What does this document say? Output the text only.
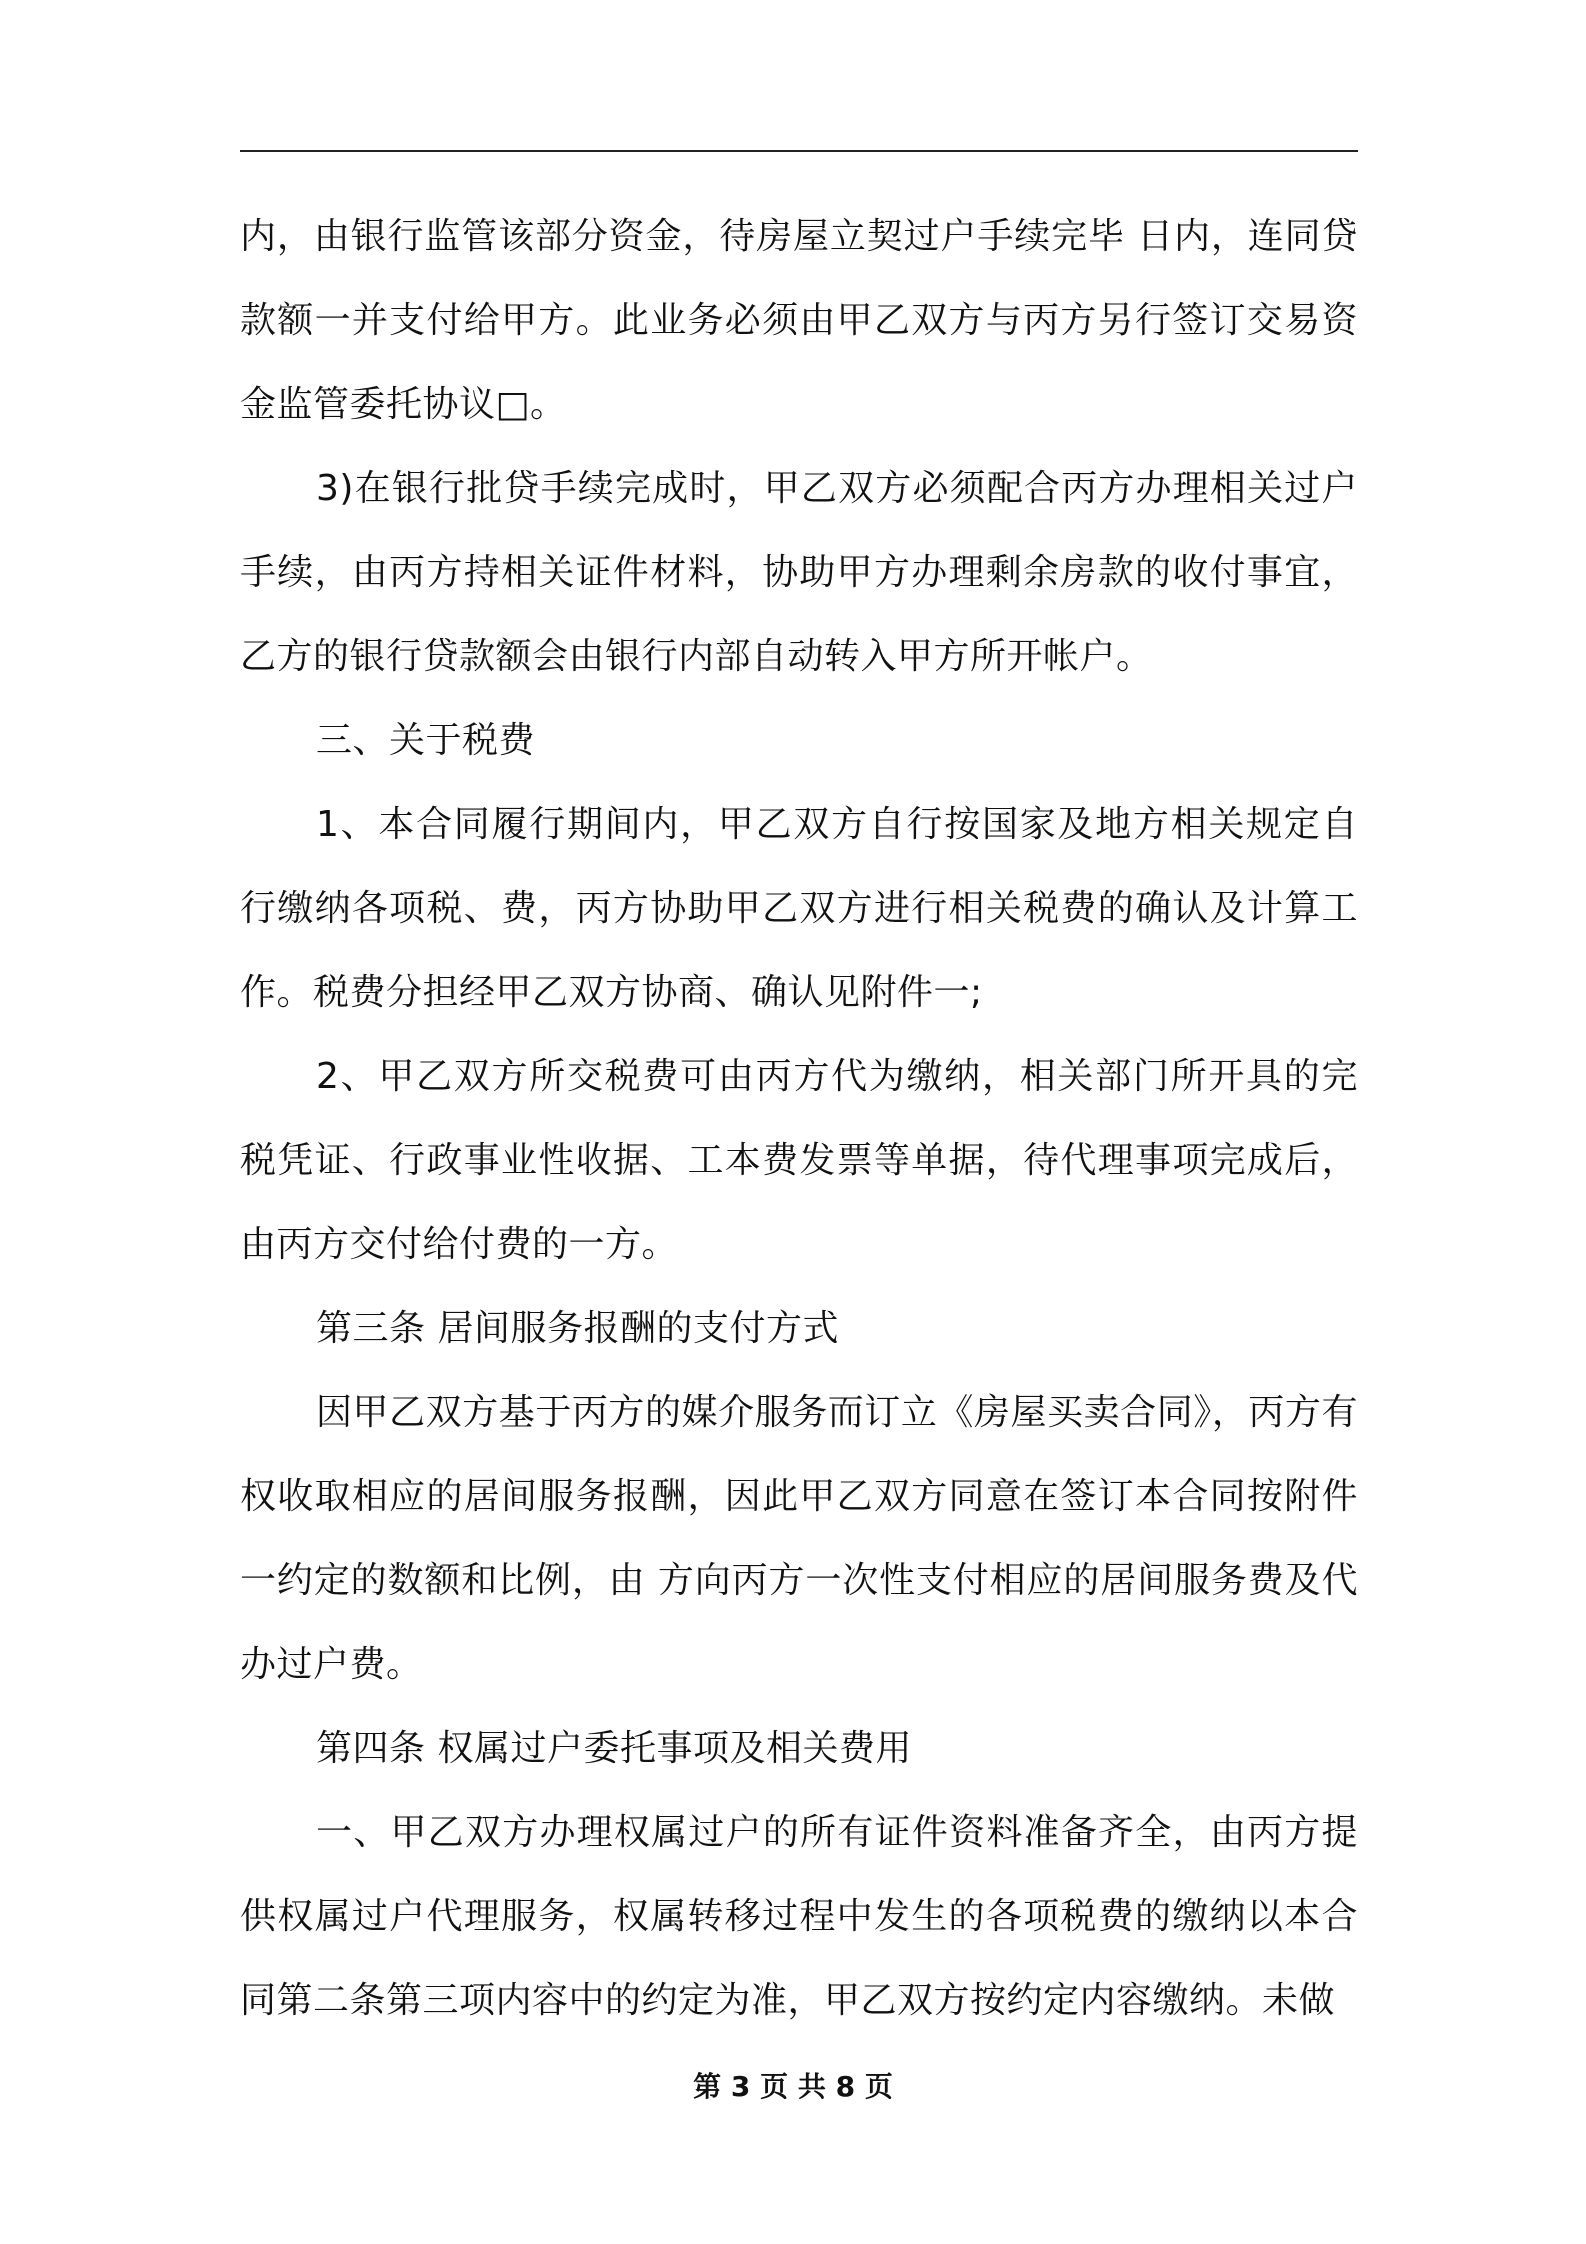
内，由银行监管该部分资金，待房屋立契过户手续完毕 日内，连同贷款额一并支付给甲方。此业务必须由甲乙双方与丙方另行签订交易资金监管委托协议□。

3)在银行批贷手续完成时，甲乙双方必须配合丙方办理相关过户手续，由丙方持相关证件材料，协助甲方办理剩余房款的收付事宜，乙方的银行贷款额会由银行内部自动转入甲方所开帐户。

三、关于税费

1、本合同履行期间内，甲乙双方自行按国家及地方相关规定自行缴纳各项税、费，丙方协助甲乙双方进行相关税费的确认及计算工作。税费分担经甲乙双方协商、确认见附件一;

2、甲乙双方所交税费可由丙方代为缴纳，相关部门所开具的完税凭证、行政事业性收据、工本费发票等单据，待代理事项完成后，由丙方交付给付费的一方。

第三条 居间服务报酬的支付方式

因甲乙双方基于丙方的媒介服务而订立《房屋买卖合同》，丙方有权收取相应的居间服务报酬，因此甲乙双方同意在签订本合同按附件一约定的数额和比例，由 方向丙方一次性支付相应的居间服务费及代办过户费。

第四条 权属过户委托事项及相关费用

一、甲乙双方办理权属过户的所有证件资料准备齐全，由丙方提供权属过户代理服务，权属转移过程中发生的各项税费的缴纳以本合同第二条第三项内容中的约定为准，甲乙双方按约定内容缴纳。未做

第 3 页 共 8 页
